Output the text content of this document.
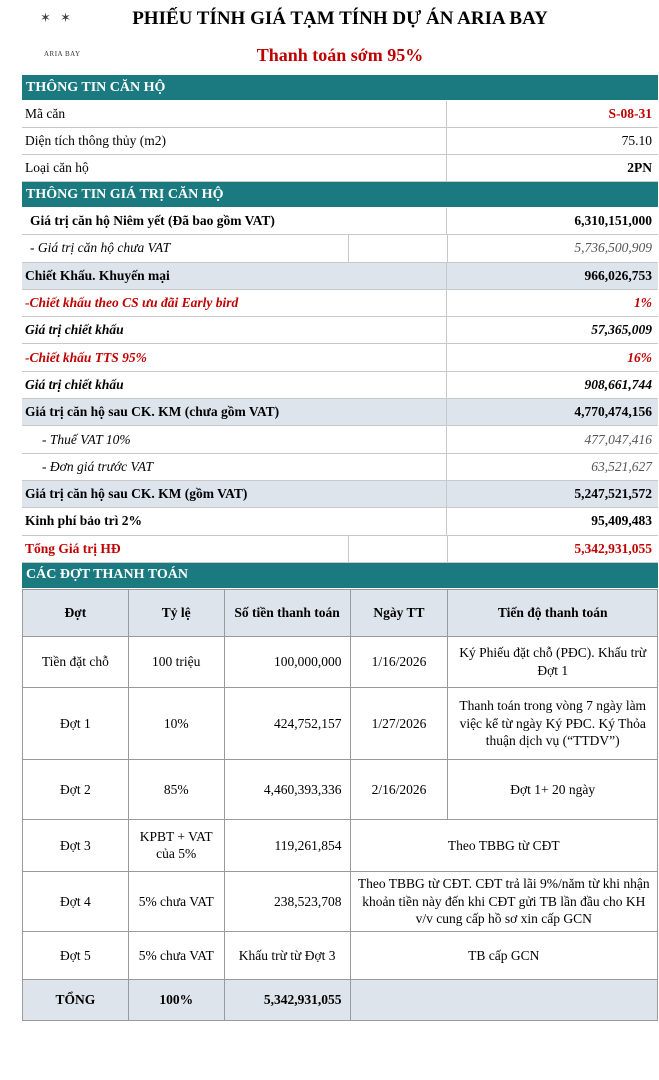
✶ ✶
ARIA BAY
PHIẾU TÍNH GIÁ TẠM TÍNH DỰ ÁN ARIA BAY
Thanh toán sớm 95%
THÔNG TIN CĂN HỘ
Mã căn	S-08-31
Diện tích thông thủy (m2)	75.10
Loại căn hộ	2PN
THÔNG TIN GIÁ TRỊ CĂN HỘ
Giá trị căn hộ Niêm yết (Đã bao gồm VAT)	6,310,151,000
- Giá trị căn hộ chưa VAT	5,736,500,909
Chiết Khấu. Khuyến mại	966,026,753
-Chiết khấu theo CS ưu đãi Early bird	1%
Giá trị chiết khấu	57,365,009
-Chiết khấu TTS 95%	16%
Giá trị chiết khấu	908,661,744
Giá trị căn hộ sau CK. KM (chưa gồm VAT)	4,770,474,156
- Thuế VAT 10%	477,047,416
- Đơn giá trước VAT	63,521,627
Giá trị căn hộ sau CK. KM (gồm VAT)	5,247,521,572
Kinh phí bảo trì 2%	95,409,483
Tổng Giá trị HĐ	5,342,931,055
CÁC ĐỢT THANH TOÁN
Đợt	Tỷ lệ	Số tiền thanh toán	Ngày TT	Tiến độ thanh toán
Tiền đặt chỗ	100 triệu	100,000,000	1/16/2026	Ký Phiếu đặt chỗ (PĐC). Khấu trừ Đợt 1
Đợt 1	10%	424,752,157	1/27/2026	Thanh toán trong vòng 7 ngày làm việc kể từ ngày Ký PĐC. Ký Thỏa thuận dịch vụ (“TTDV”)
Đợt 2	85%	4,460,393,336	2/16/2026	Đợt 1+ 20 ngày
Đợt 3	KPBT + VAT của 5%	119,261,854	Theo TBBG từ CĐT	
Đợt 4	5% chưa VAT	238,523,708	Theo TBBG từ CĐT. CĐT trả lãi 9%/năm từ khi nhận khoản tiền này đến khi CĐT gửi TB lần đầu cho KH v/v cung cấp hồ sơ xin cấp GCN	
Đợt 5	5% chưa VAT	Khấu trừ từ Đợt 3	TB cấp GCN	
TỔNG	100%	5,342,931,055		
